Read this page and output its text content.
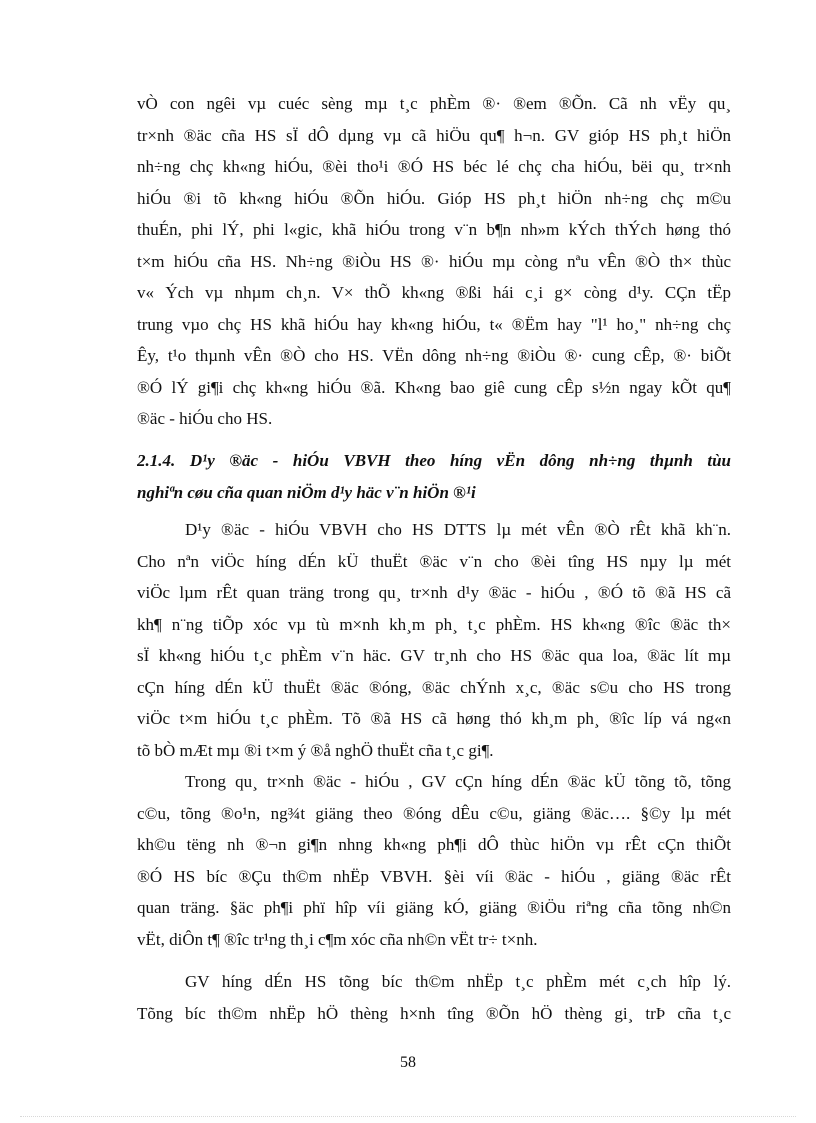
vÒ con ngêi vµ cuéc sèng mµ t¸c phÈm ®· ®em ®Õn. Cã nh vËy qu¸
tr×nh ®äc cña HS sÏ dÔ dµng vµ cã hiÖu qu¶ h¬n. GV gióp HS ph¸t hiÖn
nh÷ng chç kh«ng hiÓu, ®èi tho¹i ®Ó HS béc lé chç cha hiÓu, bëi qu¸ tr×nh
hiÓu ®i tõ kh«ng hiÓu ®Õn hiÓu. Gióp HS ph¸t hiÖn nh÷ng chç m©u
thuÉn, phi lÝ, phi l«gic, khã hiÓu trong v¨n b¶n nh»m kÝch thÝch høng thó
t×m hiÓu cña HS. Nh÷ng ®iÒu HS ®· hiÓu mµ còng nªu vÊn ®Ò th× thùc
v« Ých vµ nhµm ch¸n. V× thÕ kh«ng ®ßi hái c¸i g× còng d¹y. CÇn tËp
trung vµo chç HS khã hiÓu hay kh«ng hiÓu, t« ®Ëm hay "l¹ ho¸" nh÷ng chç
Êy, t¹o thµnh vÊn ®Ò cho HS. VËn dông nh÷ng ®iÒu ®· cung cÊp, ®· biÕt
®Ó lÝ gi¶i chç kh«ng hiÓu ®ã. Kh«ng bao giê cung cÊp s½n ngay kÕt qu¶
®äc - hiÓu cho HS.
2.1.4. D¹y ®äc - hiÓu VBVH theo híng vËn dông nh÷ng thµnh tùu
nghiªn cøu cña quan niÖm d¹y häc v¨n hiÖn ®¹i
D¹y ®äc - hiÓu VBVH cho HS DTTS lµ mét vÊn ®Ò rÊt khã kh¨n.
Cho nªn viÖc híng dÉn kÜ thuËt ®äc v¨n cho ®èi tîng HS nµy lµ mét
viÖc lµm rÊt quan träng trong qu¸ tr×nh d¹y ®äc - hiÓu , ®Ó tõ ®ã HS cã
kh¶ n¨ng tiÕp xóc vµ tù m×nh kh¸m ph¸ t¸c phÈm. HS kh«ng ®îc ®äc th×
sÏ kh«ng hiÓu t¸c phÈm v¨n häc. GV tr¸nh cho HS ®äc qua loa, ®äc lít mµ
cÇn híng dÉn kÜ thuËt ®äc ®óng, ®äc chÝnh x¸c, ®äc s©u cho HS trong
viÖc t×m hiÓu t¸c phÈm. Tõ ®ã HS cã høng thó kh¸m ph¸ ®îc líp vá ng«n
tõ bÒ mÆt mµ ®i t×m ý ®å nghÖ thuËt cña t¸c gi¶.
Trong qu¸ tr×nh ®äc - hiÓu , GV cÇn híng dÉn ®äc kÜ tõng tõ, tõng
c©u, tõng ®o¹n, ng¾t giäng theo ®óng dÊu c©u, giäng ®äc…. §©y lµ mét
kh©u tëng nh ®¬n gi¶n nhng kh«ng ph¶i dÔ thùc hiÖn vµ rÊt cÇn thiÕt
®Ó HS bíc ®Çu th©m nhËp VBVH. §èi víi ®äc - hiÓu , giäng ®äc rÊt
quan träng. §äc ph¶i phï hîp víi giäng kÓ, giäng ®iÖu riªng cña tõng nh©n
vËt, diÔn t¶ ®îc tr¹ng th¸i c¶m xóc cña nh©n vËt tr÷ t×nh.
GV híng dÉn HS tõng bíc th©m nhËp t¸c phÈm mét c¸ch hîp lý.
Tõng bíc th©m nhËp hÖ thèng h×nh tîng ®Õn hÖ thèng gi¸ trÞ cña t¸c
58
